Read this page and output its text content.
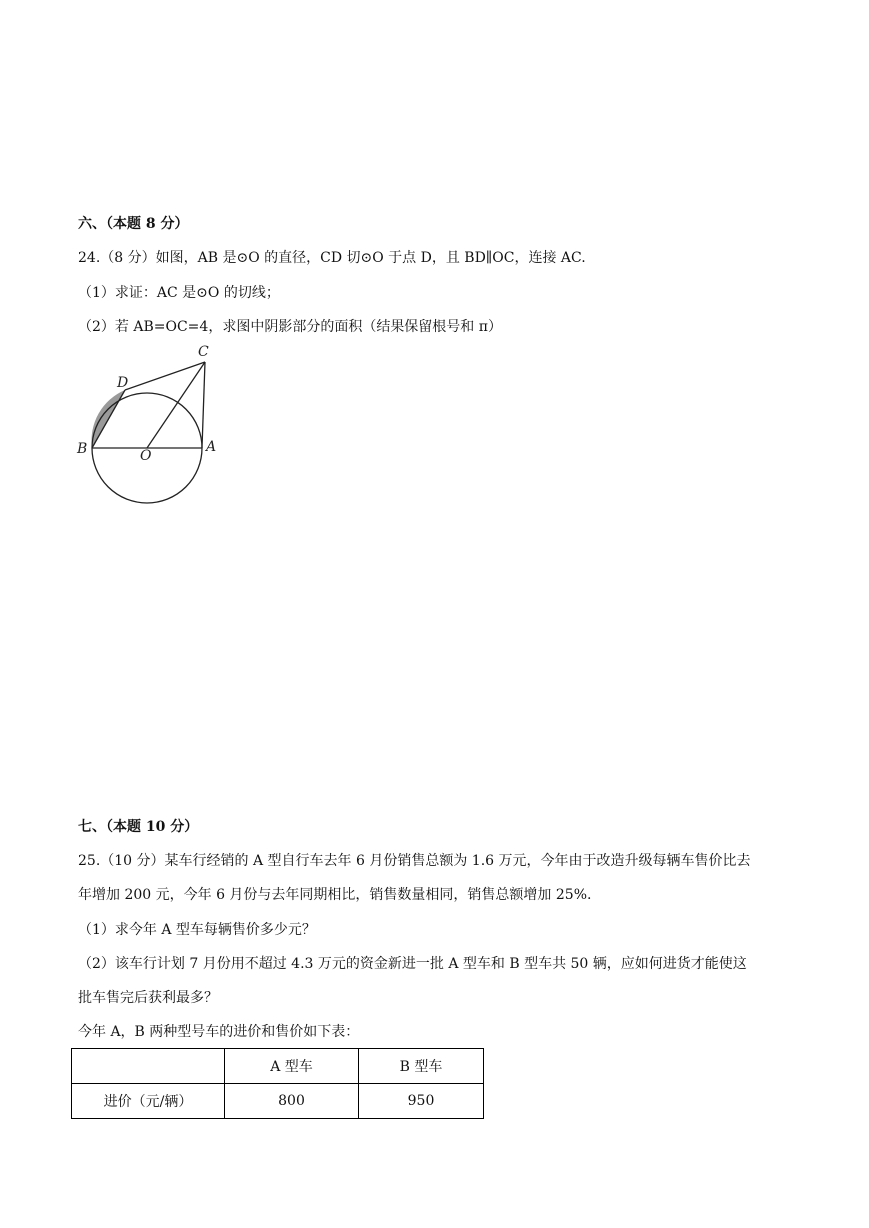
六、（本题 8 分）
24.（8 分）如图，AB 是⊙O 的直径，CD 切⊙O 于点 D，且 BD∥OC，连接 AC.
（1）求证：AC 是⊙O 的切线；
（2）若 AB=OC=4，求图中阴影部分的面积（结果保留根号和 π）
C
D
B	O
A
七、（本题 10 分）
25.（10 分）某车行经销的 A 型自行车去年 6 月份销售总额为 1.6 万元，今年由于改造升级每辆车售价比去
年增加 200 元，今年 6 月份与去年同期相比，销售数量相同，销售总额增加 25%.
（1）求今年 A 型车每辆售价多少元？
（2）该车行计划 7 月份用不超过 4.3 万元的资金新进一批 A 型车和 B 型车共 50 辆，应如何进货才能使这
批车售完后获利最多？
今年 A，B 两种型号车的进价和售价如下表：
	A 型车	B 型车
进价（元/辆）	800	950
